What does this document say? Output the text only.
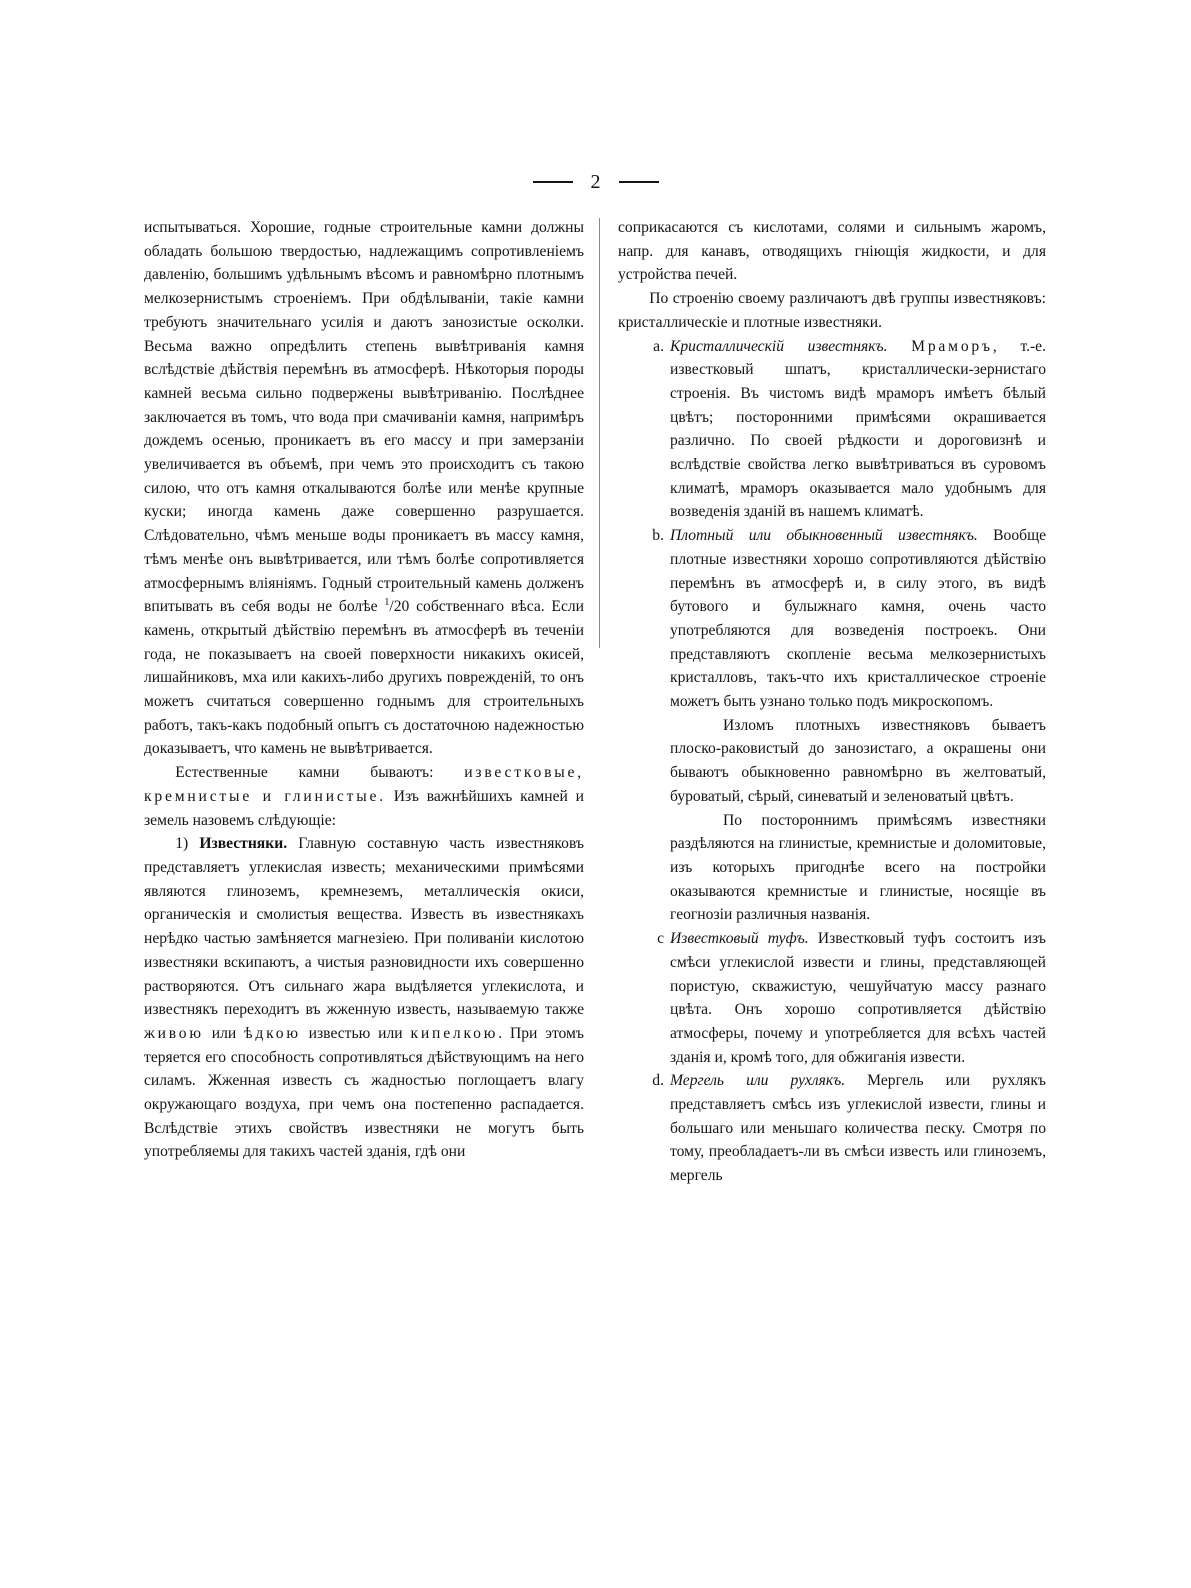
2

испытываться. Хорошие, годные строительные камни должны обладать большою твердостью, надлежащимъ сопротивленіемъ давленію, большимъ удѣльнымъ вѣсомъ и равномѣрно плотнымъ мелкозернистымъ строеніемъ. При обдѣлываніи, такіе камни требуютъ значительнаго усилія и даютъ занозистые осколки. Весьма важно опредѣлить степень вывѣтриванія камня вслѣдствіе дѣйствія перемѣнъ въ атмосферѣ. Нѣкоторыя породы камней весьма сильно подвержены вывѣтриванію. Послѣднее заключается въ томъ, что вода при смачиваніи камня, напримѣръ дождемъ осенью, проникаетъ въ его массу и при замерзаніи увеличивается въ объемѣ, при чемъ это происходитъ съ такою силою, что отъ камня откалываются болѣе или менѣе крупные куски; иногда камень даже совершенно разрушается. Слѣдовательно, чѣмъ меньше воды проникаетъ въ массу камня, тѣмъ менѣе онъ вывѣтривается, или тѣмъ болѣе сопротивляется атмосфернымъ вліяніямъ. Годный строительный камень долженъ впитывать въ себя воды не болѣе $^1$/20 собственнаго вѣса. Если камень, открытый дѣйствію перемѣнъ въ атмосферѣ въ теченіи года, не показываетъ на своей поверхности никакихъ окисей, лишайниковъ, мха или какихъ-либо другихъ поврежденій, то онъ можетъ считаться совершенно годнымъ для строительныхъ работъ, такъ-какъ подобный опытъ съ достаточною надежностью доказываетъ, что камень не вывѣтривается.

Естественные камни бываютъ: известковые, кремнистые и глинистые. Изъ важнѣйшихъ камней и земель назовемъ слѣдующіе:

1) Известняки. Главную составную часть известняковъ представляетъ углекислая известь; механическими примѣсями являются глиноземъ, кремнеземъ, металлическія окиси, органическія и смолистыя вещества. Известь въ известнякахъ нерѣдко частью замѣняется магнезіею. При поливаніи кислотою известняки вскипаютъ, а чистыя разновидности ихъ совершенно растворяются. Отъ сильнаго жара выдѣляется углекислота, и известнякъ переходитъ въ жженную известь, называемую также живою или ѣдкою известью или кипелкою. При этомъ теряется его способность сопротивляться дѣйствующимъ на него силамъ. Жженная известь съ жадностью поглощаетъ влагу окружающаго воздуха, при чемъ она постепенно распадается. Вслѣдствіе этихъ свойствъ известняки не могутъ быть употребляемы для такихъ частей зданія, гдѣ они

соприкасаются съ кислотами, солями и сильнымъ жаромъ, напр. для канавъ, отводящихъ гніющія жидкости, и для устройства печей.

По строенію своему различаютъ двѣ группы известняковъ: кристаллическіе и плотные известняки.

a. Кристаллическій известнякъ. Мраморъ, т.-е. известковый шпатъ, кристаллически-зернистаго строенія. Въ чистомъ видѣ мраморъ имѣетъ бѣлый цвѣтъ; посторонними примѣсями окрашивается различно. По своей рѣдкости и дороговизнѣ и вслѣдствіе свойства легко вывѣтриваться въ суровомъ климатѣ, мраморъ оказывается мало удобнымъ для возведенія зданій въ нашемъ климатѣ.
b. Плотный или обыкновенный известнякъ. Вообще плотные известняки хорошо сопротивляются дѣйствію перемѣнъ въ атмосферѣ и, в силу этого, въ видѣ бутового и булыжнаго камня, очень часто употребляются для возведенія построекъ. Они представляютъ скопленіе весьма мелкозернистыхъ кристалловъ, такъ-что ихъ кристаллическое строеніе можетъ быть узнано только подъ микроскопомъ.

Изломъ плотныхъ известняковъ бываетъ плоско-раковистый до занозистаго, а окрашены они бываютъ обыкновенно равномѣрно въ желтоватый, буроватый, сѣрый, синеватый и зеленоватый цвѣтъ.

По постороннимъ примѣсямъ известняки раздѣляются на глинистые, кремнистые и доломитовые, изъ которыхъ пригоднѣе всего на постройки оказываются кремнистые и глинистые, носящіе въ геогнозіи различныя названія.

c Известковый туфъ. Известковый туфъ состоитъ изъ смѣси углекислой извести и глины, представляющей пористую, скважистую, чешуйчатую массу разнаго цвѣта. Онъ хорошо сопротивляется дѣйствію атмосферы, почему и употребляется для всѣхъ частей зданія и, кромѣ того, для обжиганія извести.
d. Мергель или рухлякъ. Мергель или рухлякъ представляетъ смѣсь изъ углекислой извести, глины и большаго или меньшаго количества песку. Смотря по тому, преобладаетъ-ли въ смѣси известь или глиноземъ, мергель
